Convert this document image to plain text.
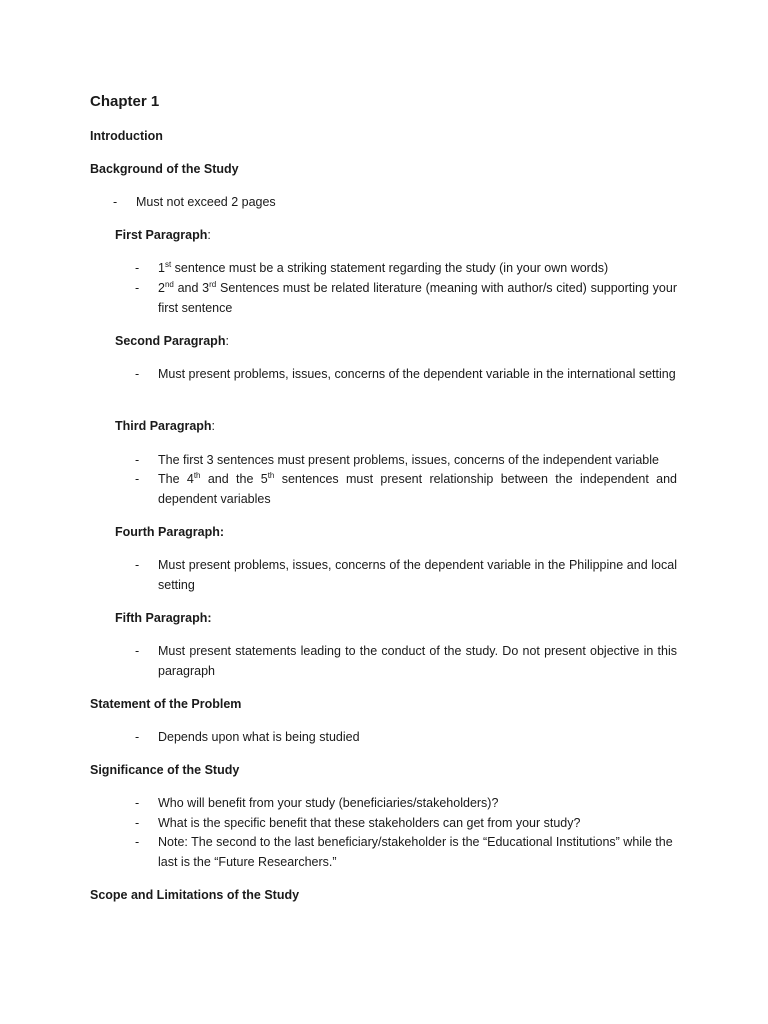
Chapter 1
Introduction
Background of the Study
- Must not exceed 2 pages
First Paragraph:
- 1st sentence must be a striking statement regarding the study (in your own words)
- 2nd and 3rd Sentences must be related literature (meaning with author/s cited) supporting your first sentence
Second Paragraph:
- Must present problems, issues, concerns of the dependent variable in the international setting
Third Paragraph:
- The first 3 sentences must present problems, issues, concerns of the independent variable
- The 4th and the 5th sentences must present relationship between the independent and dependent variables
Fourth Paragraph:
- Must present problems, issues, concerns of the dependent variable in the Philippine and local setting
Fifth Paragraph:
- Must present statements leading to the conduct of the study. Do not present objective in this paragraph
Statement of the Problem
- Depends upon what is being studied
Significance of the Study
- Who will benefit from your study (beneficiaries/stakeholders)?
- What is the specific benefit that these stakeholders can get from your study?
- Note: The second to the last beneficiary/stakeholder is the “Educational Institutions” while the last is the “Future Researchers.”
Scope and Limitations of the Study
